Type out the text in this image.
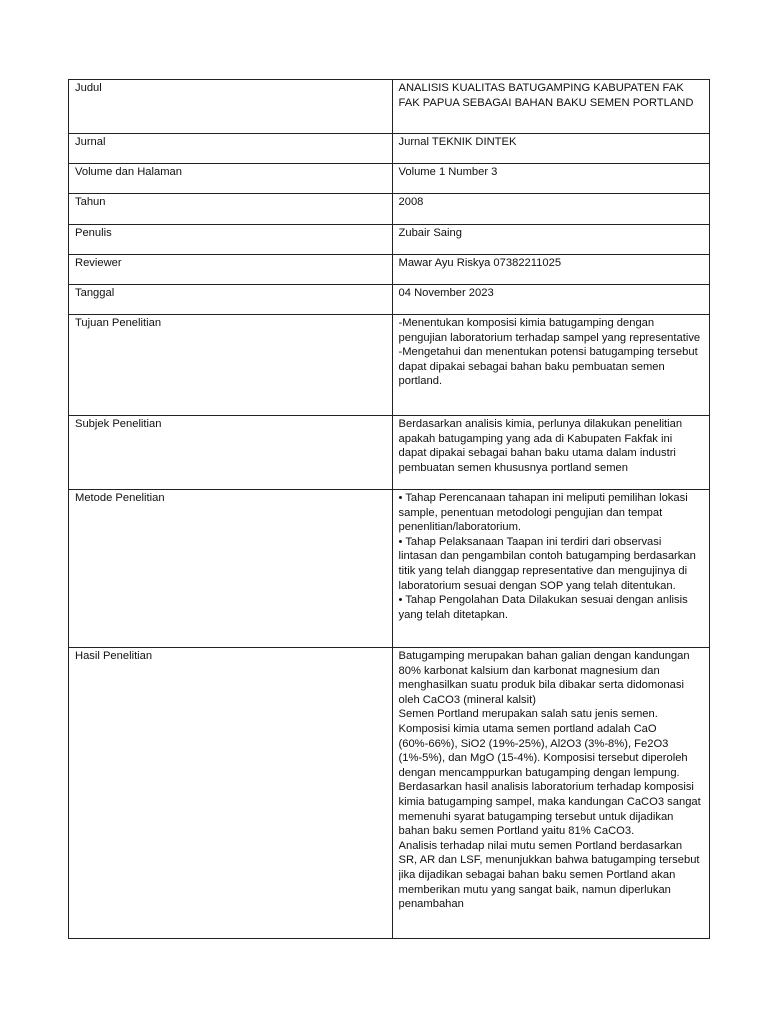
Judul	ANALISIS KUALITAS BATUGAMPING KABUPATEN FAK FAK PAPUA SEBAGAI BAHAN BAKU SEMEN PORTLAND
Jurnal	Jurnal TEKNIK DINTEK
Volume dan Halaman	Volume 1 Number 3
Tahun	2008
Penulis	Zubair Saing
Reviewer	Mawar Ayu Riskya 07382211025
Tanggal	04 November 2023
Tujuan Penelitian	-Menentukan komposisi kimia batugamping dengan pengujian laboratorium terhadap sampel yang representative
-Mengetahui dan menentukan potensi batugamping tersebut dapat dipakai sebagai bahan baku pembuatan semen portland.
Subjek Penelitian	Berdasarkan analisis kimia, perlunya dilakukan penelitian apakah batugamping yang ada di Kabupaten Fakfak ini dapat dipakai sebagai bahan baku utama dalam industri pembuatan semen khususnya portland semen
Metode Penelitian	• Tahap Perencanaan tahapan ini meliputi pemilihan lokasi sample, penentuan metodologi pengujian dan tempat penenlitian/laboratorium.
• Tahap Pelaksanaan Taapan ini terdiri dari observasi lintasan dan pengambilan contoh batugamping berdasarkan titik yang telah dianggap representative dan mengujinya di laboratorium sesuai dengan SOP yang telah ditentukan.
• Tahap Pengolahan Data Dilakukan sesuai dengan anlisis yang telah ditetapkan.
Hasil Penelitian	Batugamping merupakan bahan galian dengan kandungan 80% karbonat kalsium dan karbonat magnesium dan menghasilkan suatu produk bila dibakar serta didomonasi oleh CaCO3 (mineral kalsit)
Semen Portland merupakan salah satu jenis semen. Komposisi kimia utama semen portland adalah CaO (60%-66%), SiO2 (19%-25%), Al2O3 (3%-8%), Fe2O3 (1%-5%), dan MgO (15-4%). Komposisi tersebut diperoleh dengan mencamppurkan batugamping dengan lempung.
Berdasarkan hasil analisis laboratorium terhadap komposisi kimia batugamping sampel, maka kandungan CaCO3 sangat memenuhi syarat batugamping tersebut untuk dijadikan bahan baku semen Portland yaitu 81% CaCO3.
Analisis terhadap nilai mutu semen Portland berdasarkan SR, AR dan LSF, menunjukkan bahwa batugamping tersebut jika dijadikan sebagai bahan baku semen Portland akan memberikan mutu yang sangat baik, namun diperlukan penambahan
